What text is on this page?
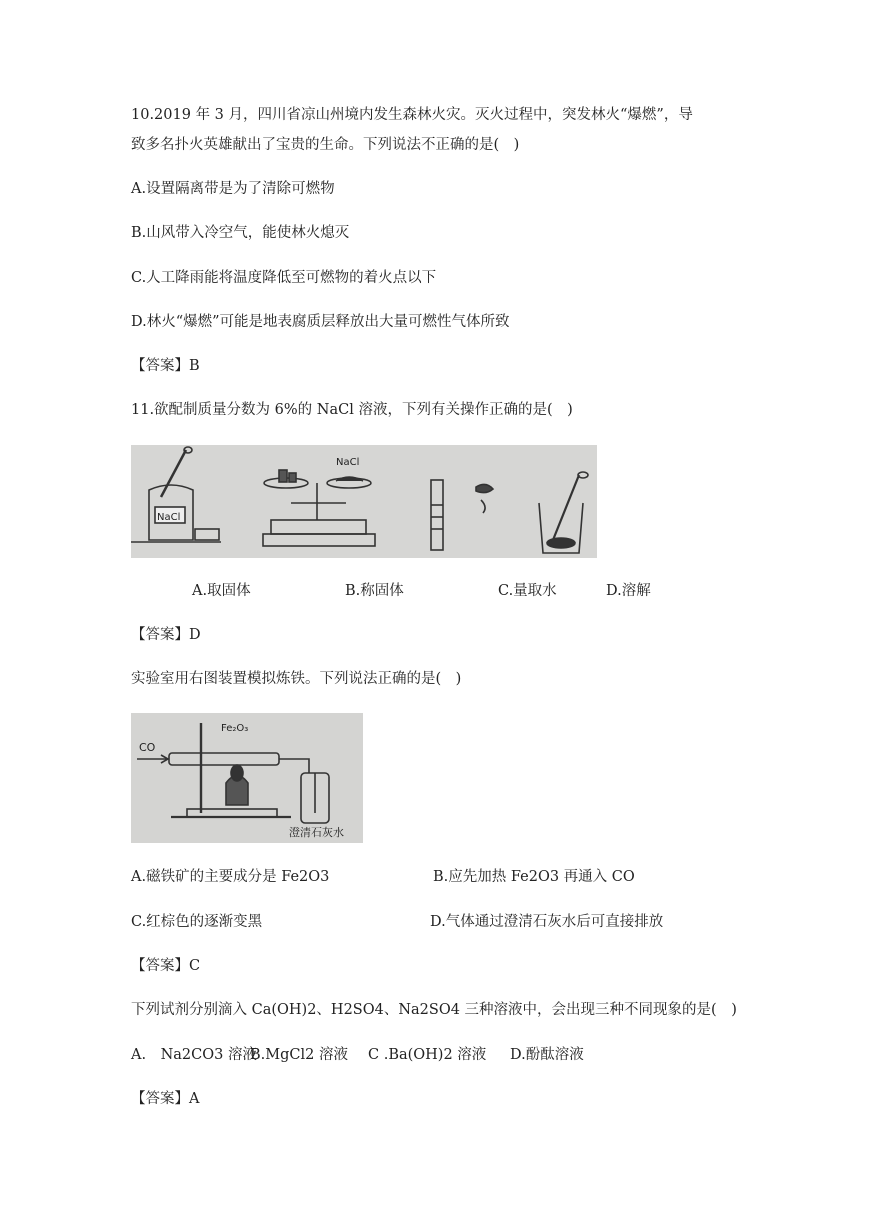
10.2019 年 3 月，四川省凉山州境内发生森林火灾。灭火过程中，突发林火“爆燃”，导
致多名扑火英雄献出了宝贵的生命。下列说法不正确的是(　)
A.设置隔离带是为了清除可燃物
B.山风带入冷空气，能使林火熄灭
C.人工降雨能将温度降低至可燃物的着火点以下
D.林火“爆燃”可能是地表腐质层释放出大量可燃性气体所致
【答案】B
11.欲配制质量分数为 6%的 NaCl 溶液，下列有关操作正确的是(　)
NaCl
NaCl
A.取固体	B.称固体	C.量取水	D.溶解
【答案】D
实验室用右图装置模拟炼铁。下列说法正确的是(　)
CO
Fe₂O₃
澄清石灰水
A.磁铁矿的主要成分是 Fe2O3	B.应先加热 Fe2O3 再通入 CO
C.红棕色的逐渐变黑	D.气体通过澄清石灰水后可直接排放
【答案】C
下列试剂分别滴入 Ca(OH)2、H2SO4、Na2SO4 三种溶液中，会出现三种不同现象的是(　)
A.　Na2CO3 溶液
B.MgCl2 溶液 C .Ba(OH)2 溶液 D.酚酞溶液
【答案】A
